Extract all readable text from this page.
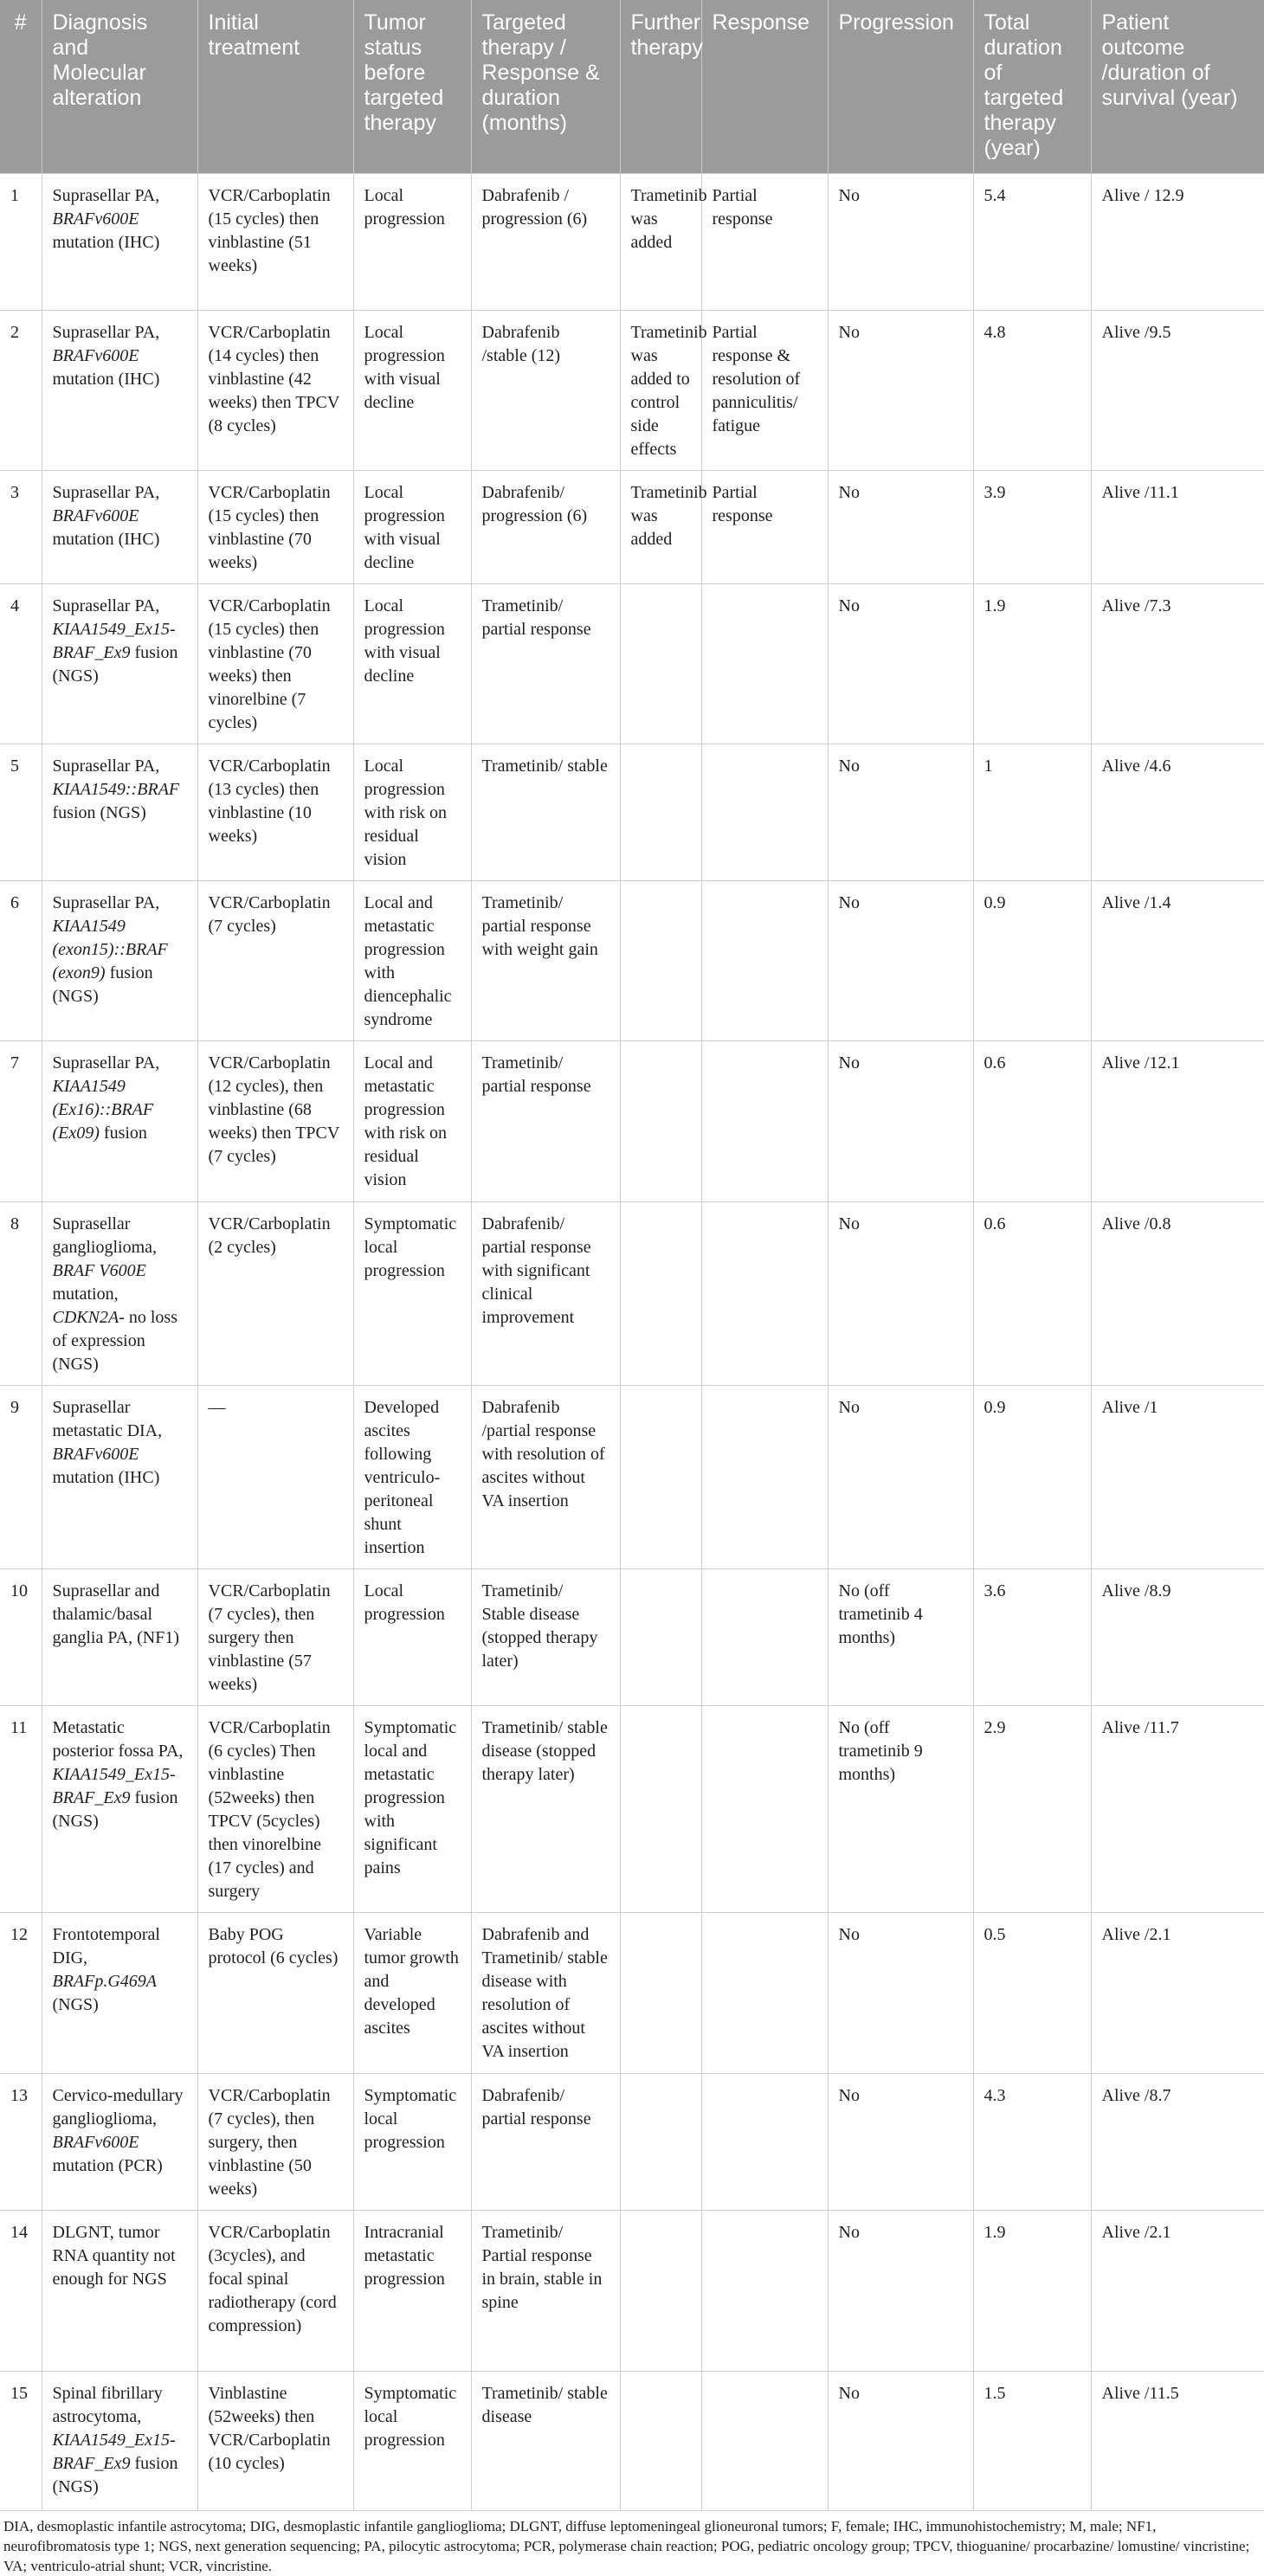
#	Diagnosis and Molecular alteration	Initial treatment	Tumor status before targeted therapy	Targeted therapy / Response & duration (months)	Further therapy	Response	Progression	Total duration of targeted therapy (year)	Patient outcome /duration of survival (year)
1	Suprasellar PA, BRAFv600E mutation (IHC)	VCR/Carboplatin (15 cycles) then vinblastine (51 weeks)	Local progression	Dabrafenib / progression (6)	Trametinib was added	Partial response	No	5.4	Alive / 12.9
2	Suprasellar PA, BRAFv600E mutation (IHC)	VCR/Carboplatin (14 cycles) then vinblastine (42 weeks) then TPCV (8 cycles)	Local progression with visual decline	Dabrafenib /stable (12)	Trametinib was added to control side effects	Partial response & resolution of panniculitis/ fatigue	No	4.8	Alive /9.5
3	Suprasellar PA, BRAFv600E mutation (IHC)	VCR/Carboplatin (15 cycles) then vinblastine (70 weeks)	Local progression with visual decline	Dabrafenib/ progression (6)	Trametinib was added	Partial response	No	3.9	Alive /11.1
4	Suprasellar PA, KIAA1549_Ex15-BRAF_Ex9 fusion (NGS)	VCR/Carboplatin (15 cycles) then vinblastine (70 weeks) then vinorelbine (7 cycles)	Local progression with visual decline	Trametinib/ partial response			No	1.9	Alive /7.3
5	Suprasellar PA, KIAA1549::BRAF fusion (NGS)	VCR/Carboplatin (13 cycles) then vinblastine (10 weeks)	Local progression with risk on residual vision	Trametinib/ stable			No	1	Alive /4.6
6	Suprasellar PA, KIAA1549 (exon15)::BRAF (exon9) fusion (NGS)	VCR/Carboplatin (7 cycles)	Local and metastatic progression with diencephalic syndrome	Trametinib/ partial response with weight gain			No	0.9	Alive /1.4
7	Suprasellar PA, KIAA1549 (Ex16)::BRAF (Ex09) fusion	VCR/Carboplatin (12 cycles), then vinblastine (68 weeks) then TPCV (7 cycles)	Local and metastatic progression with risk on residual vision	Trametinib/ partial response			No	0.6	Alive /12.1
8	Suprasellar ganglioglioma, BRAF V600E mutation, CDKN2A- no loss of expression (NGS)	VCR/Carboplatin (2 cycles)	Symptomatic local progression	Dabrafenib/ partial response with significant clinical improvement			No	0.6	Alive /0.8
9	Suprasellar metastatic DIA, BRAFv600E mutation (IHC)	—	Developed ascites following ventriculo-peritoneal shunt insertion	Dabrafenib /partial response with resolution of ascites without VA insertion			No	0.9	Alive /1
10	Suprasellar and thalamic/basal ganglia PA, (NF1)	VCR/Carboplatin (7 cycles), then surgery then vinblastine (57 weeks)	Local progression	Trametinib/ Stable disease (stopped therapy later)			No (off trametinib 4 months)	3.6	Alive /8.9
11	Metastatic posterior fossa PA, KIAA1549_Ex15-BRAF_Ex9 fusion (NGS)	VCR/Carboplatin (6 cycles) Then vinblastine (52weeks) then TPCV (5cycles) then vinorelbine (17 cycles) and surgery	Symptomatic local and metastatic progression with significant pains	Trametinib/ stable disease (stopped therapy later)			No (off trametinib 9 months)	2.9	Alive /11.7
12	Frontotemporal DIG, BRAFp.G469A (NGS)	Baby POG protocol (6 cycles)	Variable tumor growth and developed ascites	Dabrafenib and Trametinib/ stable disease with resolution of ascites without VA insertion			No	0.5	Alive /2.1
13	Cervico-medullary ganglioglioma, BRAFv600E mutation (PCR)	VCR/Carboplatin (7 cycles), then surgery, then vinblastine (50 weeks)	Symptomatic local progression	Dabrafenib/ partial response			No	4.3	Alive /8.7
14	DLGNT, tumor RNA quantity not enough for NGS	VCR/Carboplatin (3cycles), and focal spinal radiotherapy (cord compression)	Intracranial metastatic progression	Trametinib/ Partial response in brain, stable in spine			No	1.9	Alive /2.1
15	Spinal fibrillary astrocytoma, KIAA1549_Ex15-BRAF_Ex9 fusion (NGS)	Vinblastine (52weeks) then VCR/Carboplatin (10 cycles)	Symptomatic local progression	Trametinib/ stable disease			No	1.5	Alive /11.5
DIA, desmoplastic infantile astrocytoma; DIG, desmoplastic infantile ganglioglioma; DLGNT, diffuse leptomeningeal glioneuronal tumors; F, female; IHC, immunohistochemistry; M, male; NF1, neurofibromatosis type 1; NGS, next generation sequencing; PA, pilocytic astrocytoma; PCR, polymerase chain reaction; POG, pediatric oncology group; TPCV, thioguanine/ procarbazine/ lomustine/ vincristine; VA; ventriculo-atrial shunt; VCR, vincristine.
